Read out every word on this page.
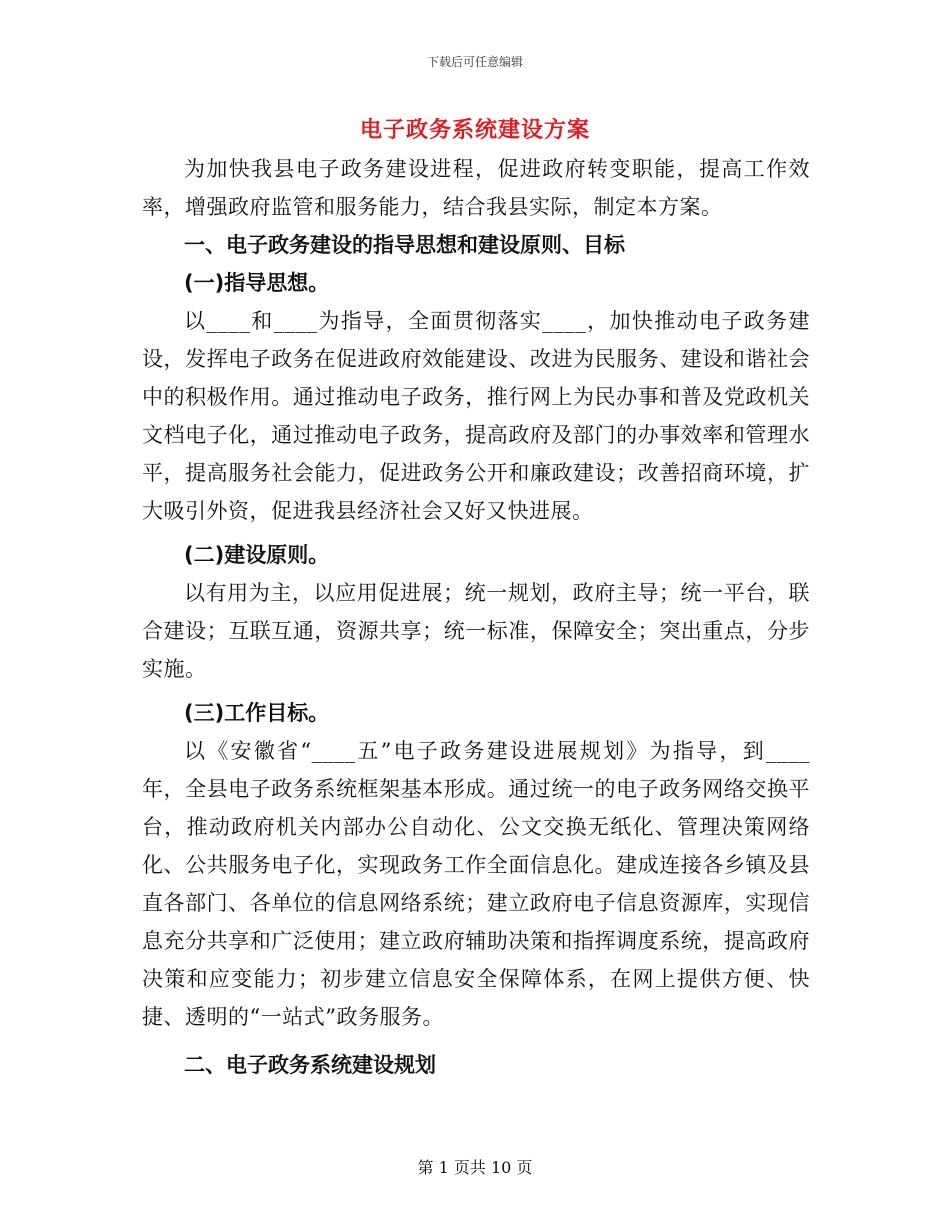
下载后可任意编辑
电子政务系统建设方案

为加快我县电子政务建设进程，促进政府转变职能，提高工作效率，增强政府监管和服务能力，结合我县实际，制定本方案。

一、电子政务建设的指导思想和建设原则、目标

(一)指导思想。

以____和____为指导，全面贯彻落实____，加快推动电子政务建设，发挥电子政务在促进政府效能建设、改进为民服务、建设和谐社会中的积极作用。通过推动电子政务，推行网上为民办事和普及党政机关文档电子化，通过推动电子政务，提高政府及部门的办事效率和管理水平，提高服务社会能力，促进政务公开和廉政建设；改善招商环境，扩大吸引外资，促进我县经济社会又好又快进展。

(二)建设原则。

以有用为主，以应用促进展；统一规划，政府主导；统一平台，联合建设；互联互通，资源共享；统一标准，保障安全；突出重点，分步实施。

(三)工作目标。

以《安徽省“____五”电子政务建设进展规划》为指导，到____年，全县电子政务系统框架基本形成。通过统一的电子政务网络交换平台，推动政府机关内部办公自动化、公文交换无纸化、管理决策网络化、公共服务电子化，实现政务工作全面信息化。建成连接各乡镇及县直各部门、各单位的信息网络系统；建立政府电子信息资源库，实现信息充分共享和广泛使用；建立政府辅助决策和指挥调度系统，提高政府决策和应变能力；初步建立信息安全保障体系，在网上提供方便、快捷、透明的“一站式”政务服务。

二、电子政务系统建设规划

第 1 页共 10 页
